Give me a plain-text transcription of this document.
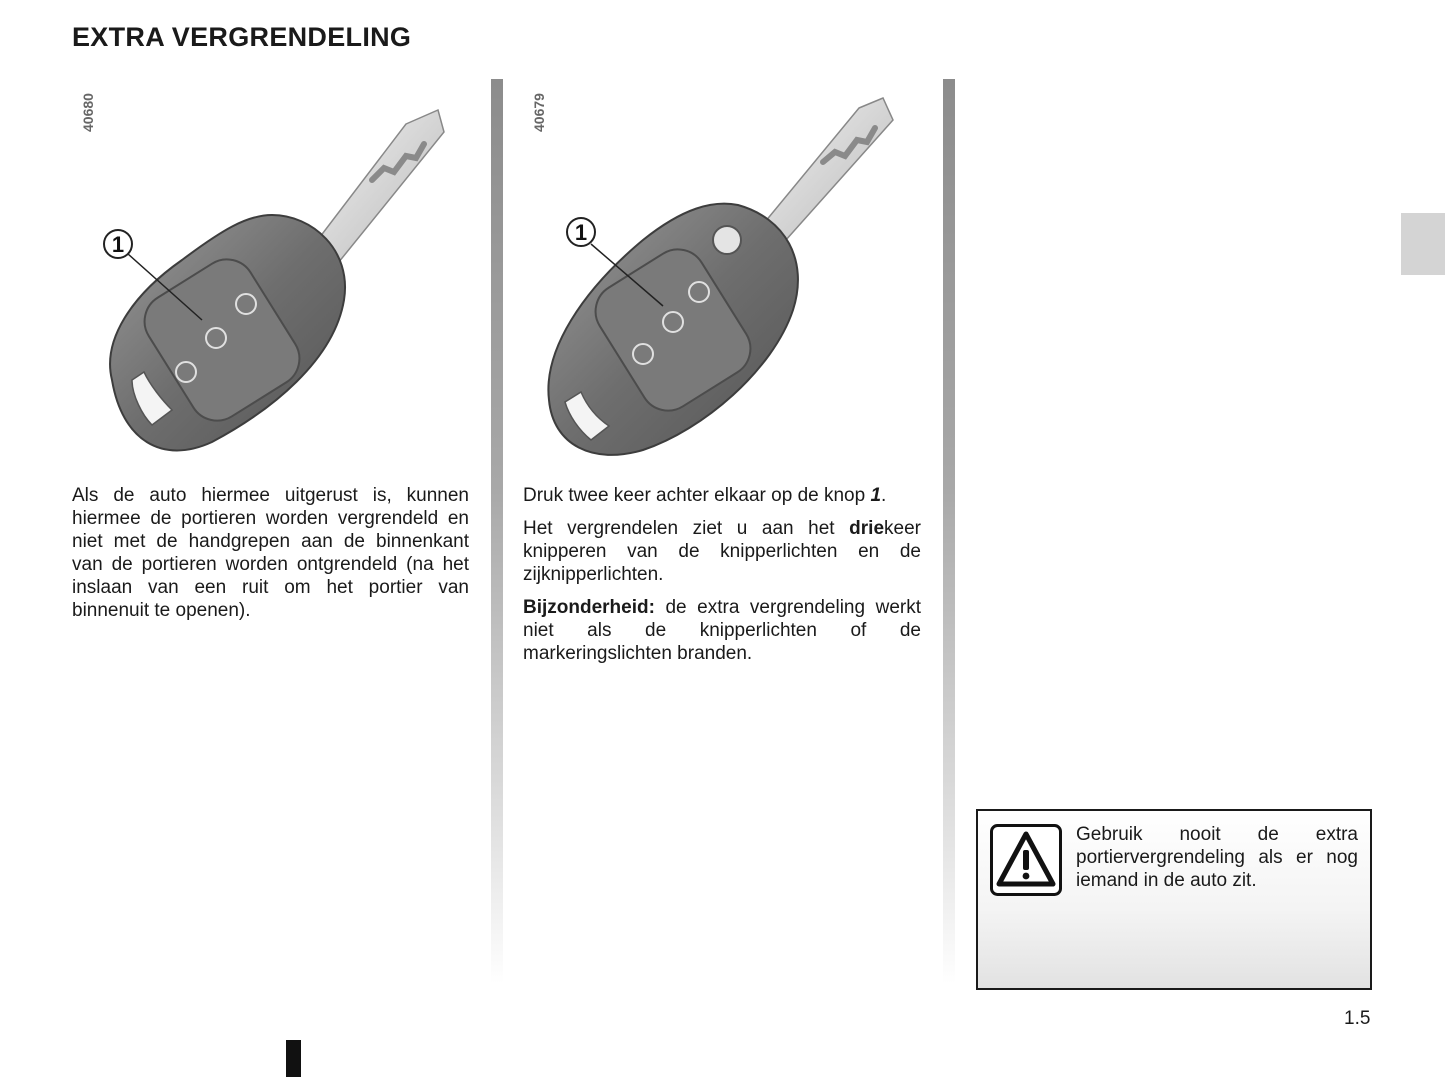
EXTRA VERGRENDELING
40680
1
40679
1

Als de auto hiermee uitgerust is, kunnen hiermee de portieren worden vergrendeld en niet met de handgrepen aan de binnenkant van de portieren worden ontgrendeld (na het inslaan van een ruit om het portier van binnenuit te openen).

Druk twee keer achter elkaar op de knop 1.

Het vergrendelen ziet u aan het driekeer knipperen van de knipperlichten en de zijknipperlichten.

Bijzonderheid: de extra vergrendeling werkt niet als de knipperlichten of de markeringslichten branden.

Gebruik nooit de extra portiervergrendeling als er nog iemand in de auto zit.
1.5
